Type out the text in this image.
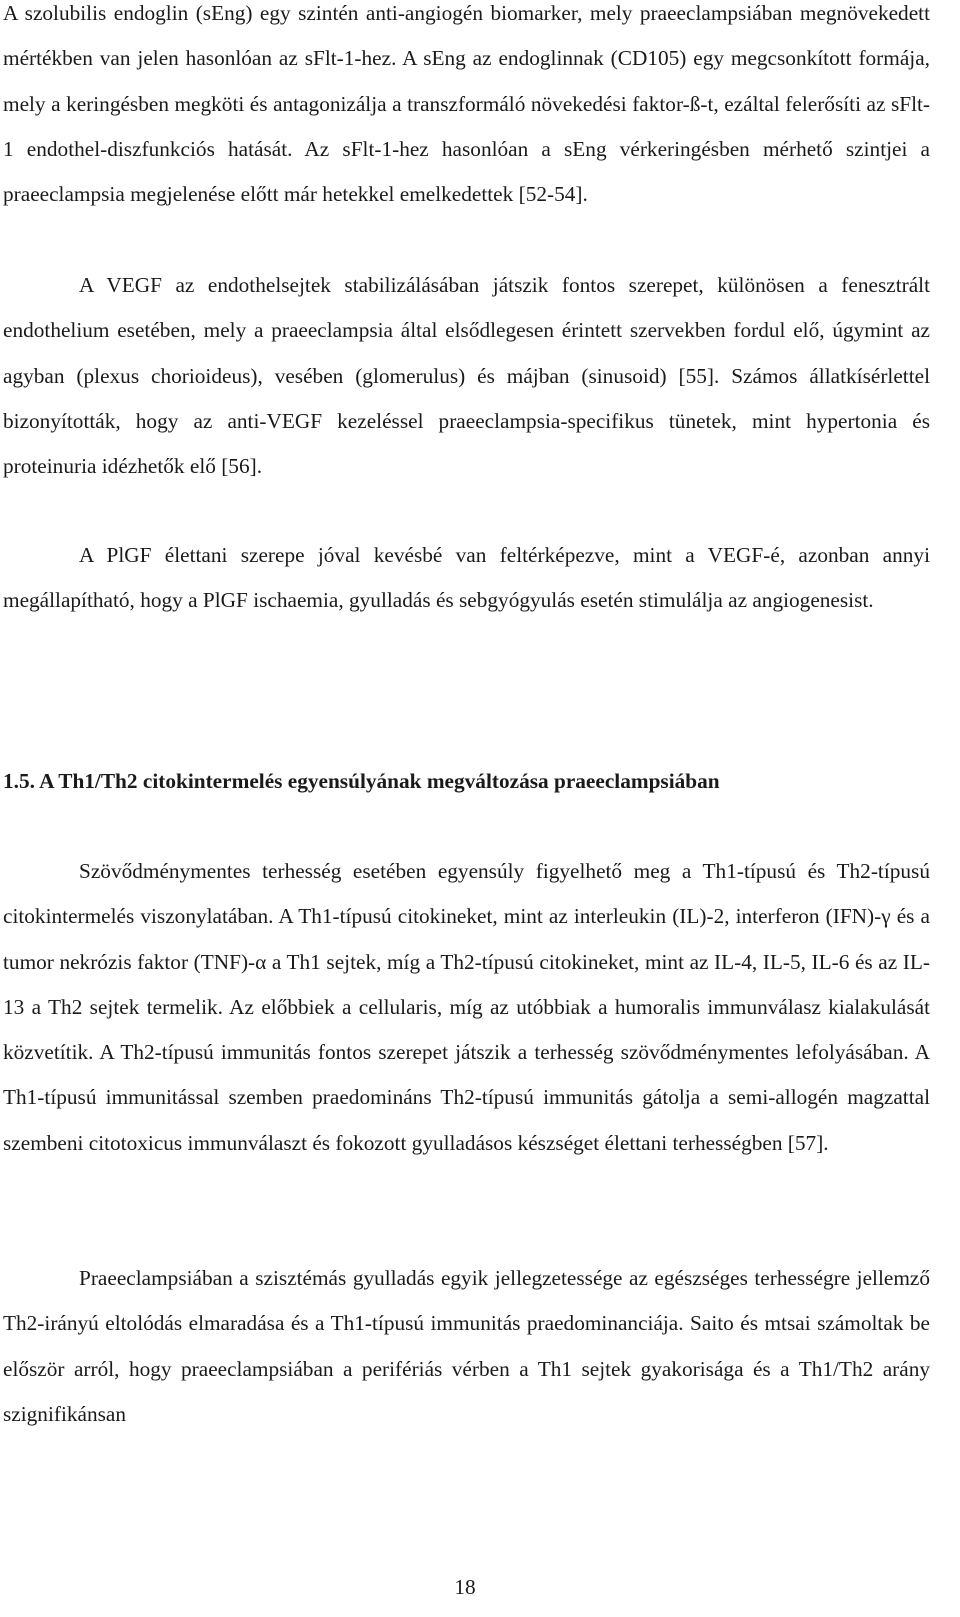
A szolubilis endoglin (sEng) egy szintén anti-angiogén biomarker, mely praeeclampsiában megnövekedett mértékben van jelen hasonlóan az sFlt-1-hez. A sEng az endoglinnak (CD105) egy megcsonkított formája, mely a keringésben megköti és antagonizálja a transzformáló növekedési faktor-ß-t, ezáltal felerősíti az sFlt-1 endothel-diszfunkciós hatását. Az sFlt-1-hez hasonlóan a sEng vérkeringésben mérhető szintjei a praeeclampsia megjelenése előtt már hetekkel emelkedettek [52-54].

A VEGF az endothelsejtek stabilizálásában játszik fontos szerepet, különösen a fenesztrált endothelium esetében, mely a praeeclampsia által elsődlegesen érintett szervekben fordul elő, úgymint az agyban (plexus chorioideus), vesében (glomerulus) és májban (sinusoid) [55]. Számos állatkísérlettel bizonyították, hogy az anti-VEGF kezeléssel praeeclampsia-specifikus tünetek, mint hypertonia és proteinuria idézhetők elő [56].

A PlGF élettani szerepe jóval kevésbé van feltérképezve, mint a VEGF-é, azonban annyi megállapítható, hogy a PlGF ischaemia, gyulladás és sebgyógyulás esetén stimulálja az angiogenesist.

1.5. A Th1/Th2 citokintermelés egyensúlyának megváltozása praeeclampsiában

Szövődménymentes terhesség esetében egyensúly figyelhető meg a Th1-típusú és Th2-típusú citokintermelés viszonylatában. A Th1-típusú citokineket, mint az interleukin (IL)-2, interferon (IFN)-γ és a tumor nekrózis faktor (TNF)-α a Th1 sejtek, míg a Th2-típusú citokineket, mint az IL-4, IL-5, IL-6 és az IL-13 a Th2 sejtek termelik. Az előbbiek a cellularis, míg az utóbbiak a humoralis immunválasz kialakulását közvetítik. A Th2-típusú immunitás fontos szerepet játszik a terhesség szövődménymentes lefolyásában. A Th1-típusú immunitással szemben praedomináns Th2-típusú immunitás gátolja a semi-allogén magzattal szembeni citotoxicus immunválaszt és fokozott gyulladásos készséget élettani terhességben [57].

Praeeclampsiában a szisztémás gyulladás egyik jellegzetessége az egészséges terhességre jellemző Th2-irányú eltolódás elmaradása és a Th1-típusú immunitás praedominanciája. Saito és mtsai számoltak be először arról, hogy praeeclampsiában a perifériás vérben a Th1 sejtek gyakorisága és a Th1/Th2 arány szignifikánsan

18
